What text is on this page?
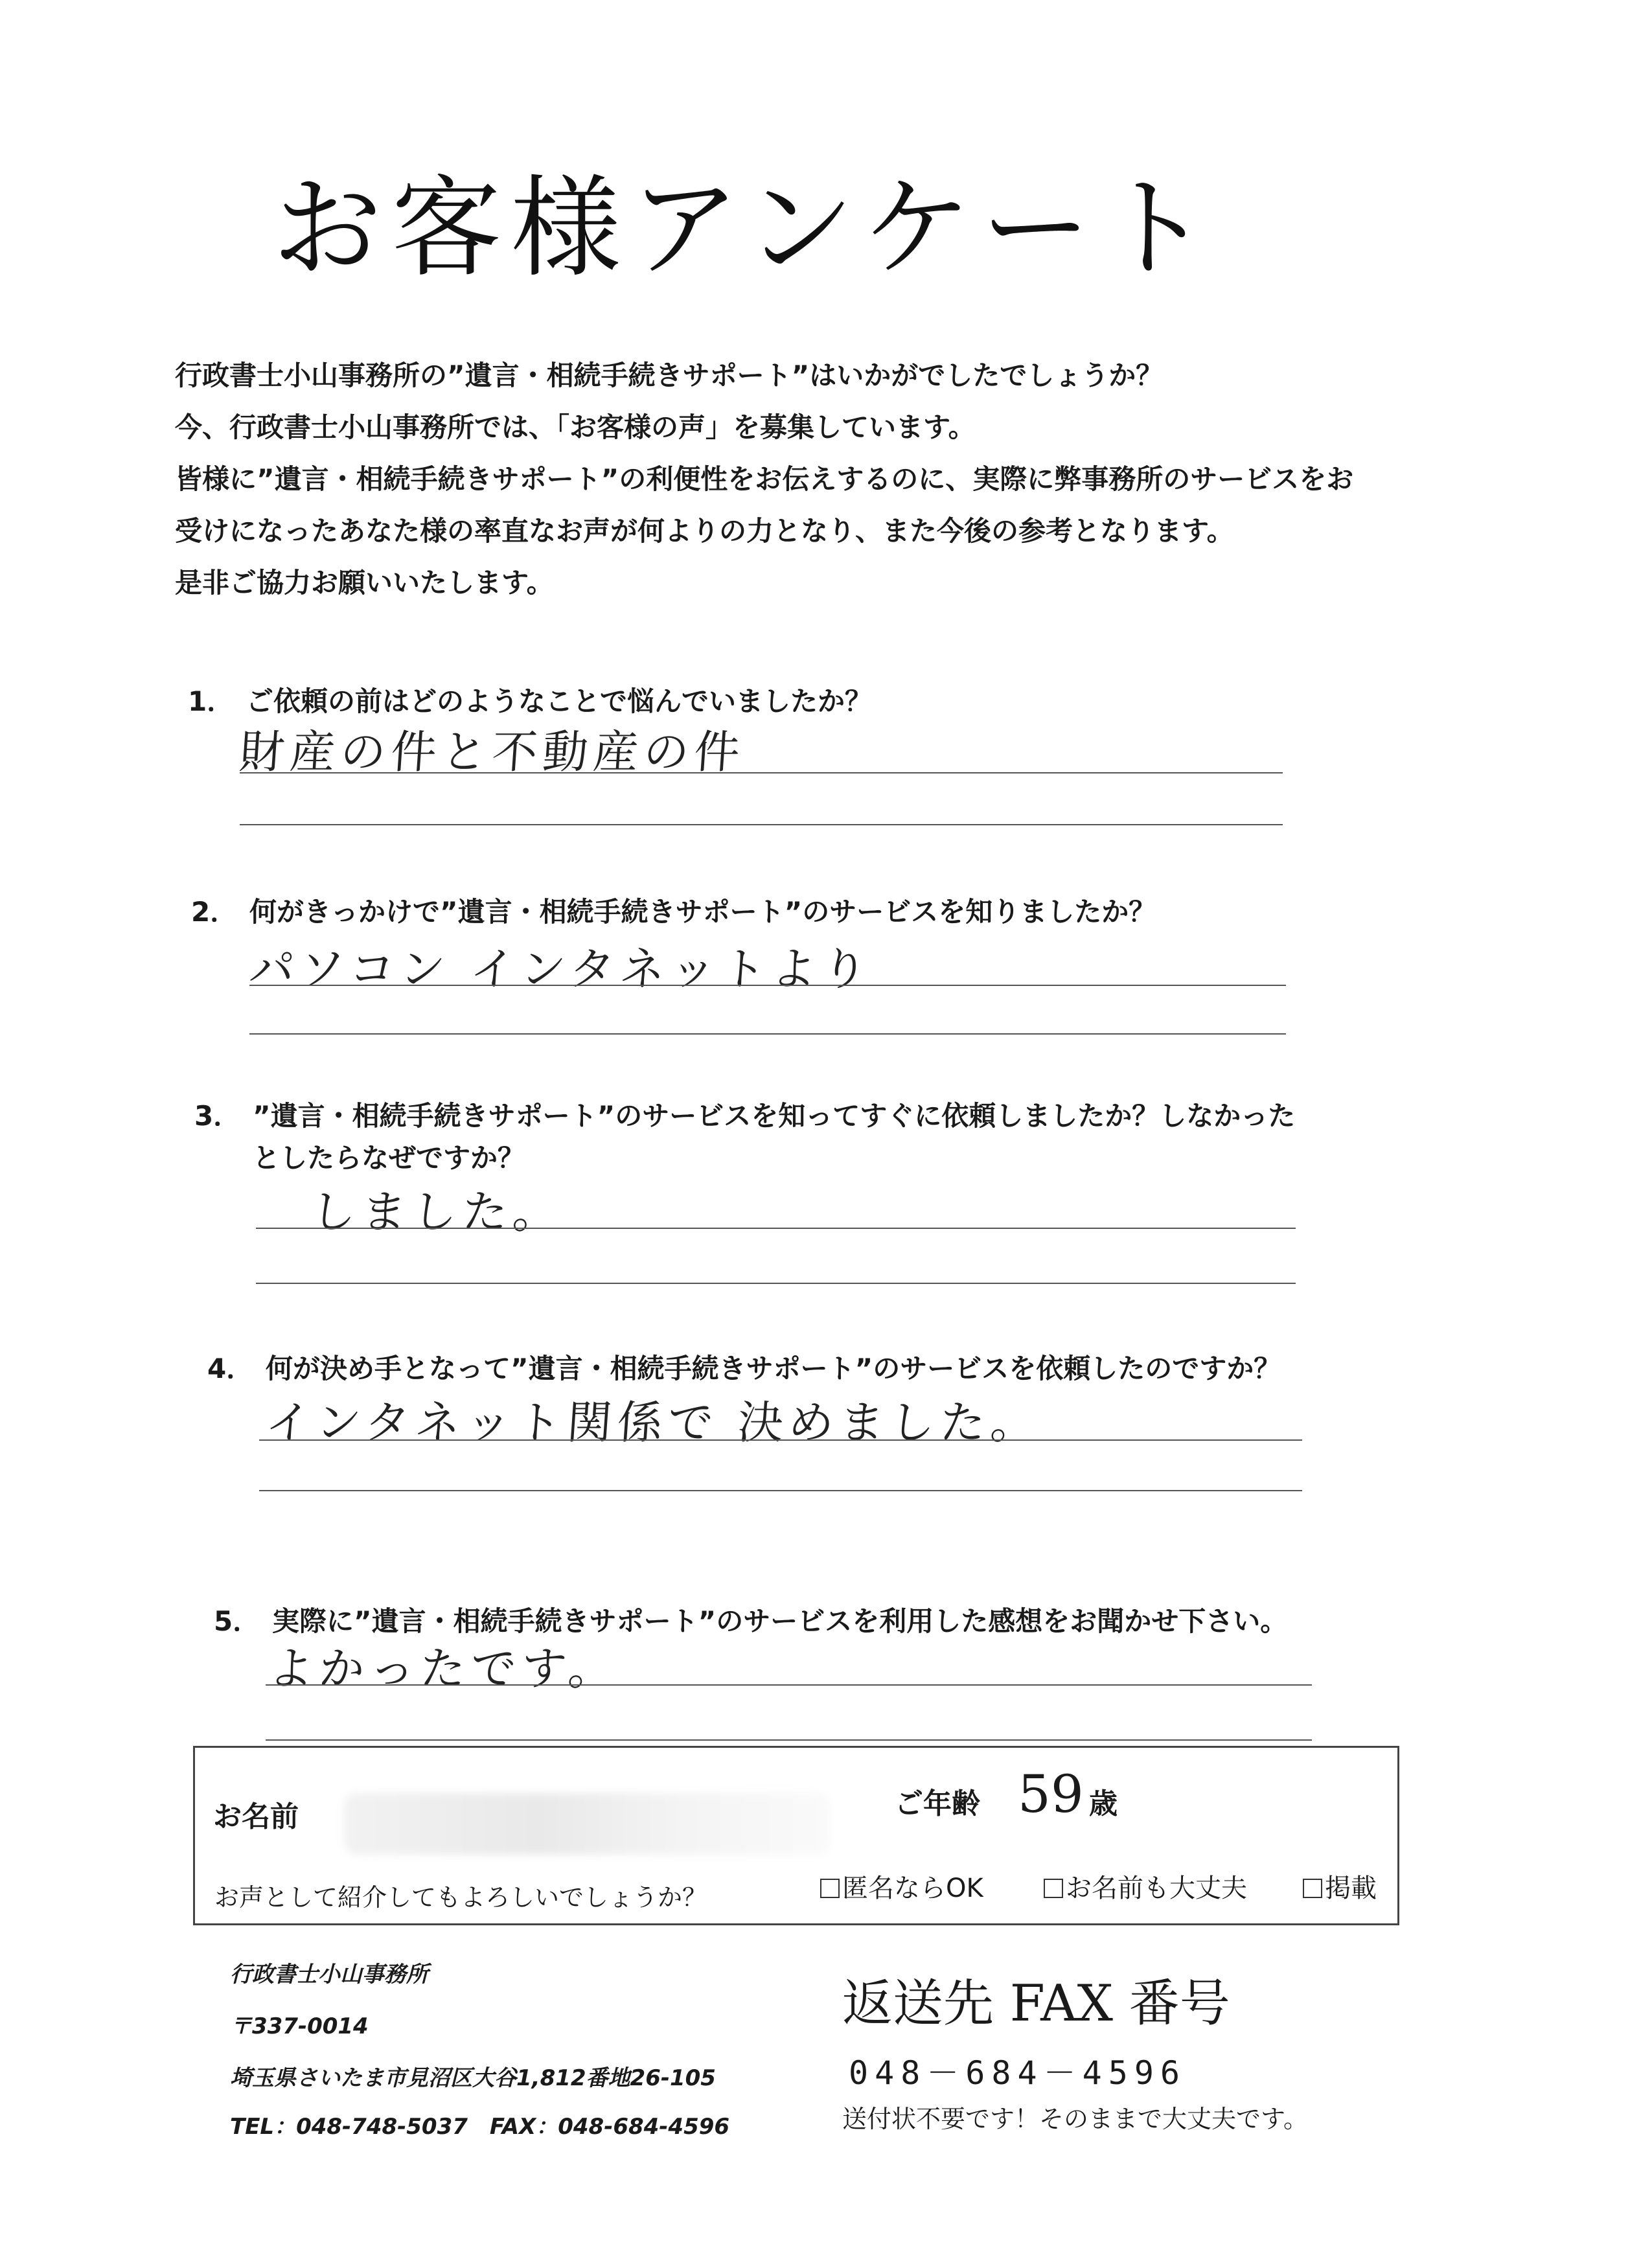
お客様アンケート
行政書士小山事務所の”遺言・相続手続きサポート”はいかがでしたでしょうか？
今、行政書士小山事務所では、「お客様の声」を募集しています。
皆様に”遺言・相続手続きサポート”の利便性をお伝えするのに、実際に弊事務所のサービスをお
受けになったあなた様の率直なお声が何よりの力となり、また今後の参考となります。
是非ご協力お願いいたします。
1． ご依頼の前はどのようなことで悩んでいましたか？
財産の件と不動産の件
2． 何がきっかけで”遺言・相続手続きサポート”のサービスを知りましたか？
パソコン インタネットより
3． ”遺言・相続手続きサポート”のサービスを知ってすぐに依頼しましたか？しなかった
としたらなぜですか？
しました。
4． 何が決め手となって”遺言・相続手続きサポート”のサービスを依頼したのですか？
インタネット関係で 決めました。
5． 実際に”遺言・相続手続きサポート”のサービスを利用した感想をお聞かせ下さい。
よかったです。
お名前	ご年齢 59 歳
お声として紹介してもよろしいでしょうか？	匿名ならOK	お名前も大丈夫	掲載
行政書士小山事務所
〒337-0014
埼玉県さいたま市見沼区大谷1,812番地26-105
TEL：048-748-5037　FAX：048-684-4596
返送先 FAX 番号
048－684－4596
送付状不要です！そのままで大丈夫です。
